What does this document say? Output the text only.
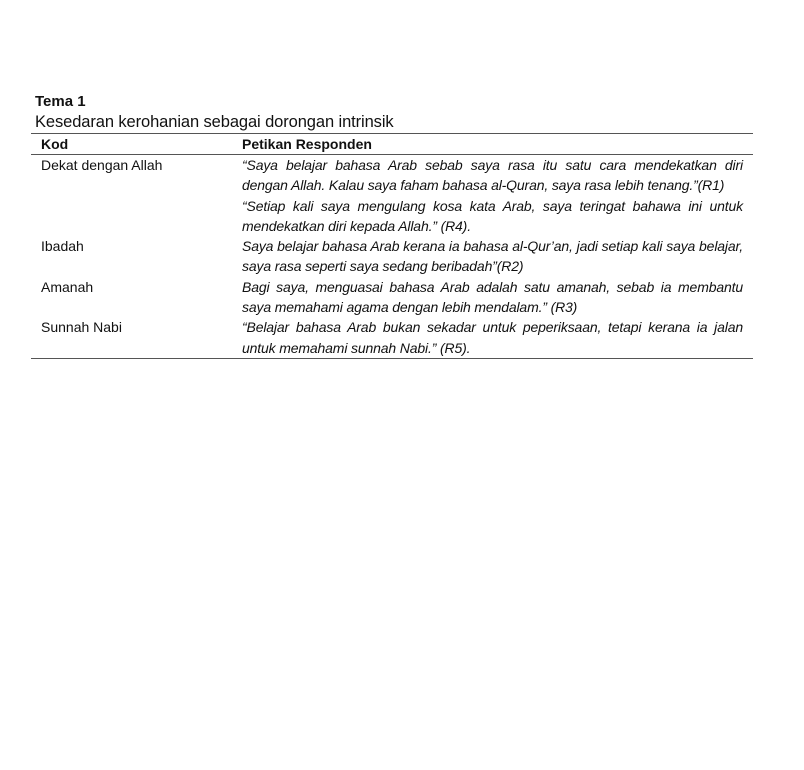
Tema 1
Kesedaran kerohanian sebagai dorongan intrinsik
Kod	Petikan Responden
Dekat dengan Allah	“Saya belajar bahasa Arab sebab saya rasa itu satu cara mendekatkan diri dengan Allah. Kalau saya faham bahasa al-Quran, saya rasa lebih tenang.”(R1)

“Setiap kali saya mengulang kosa kata Arab, saya teringat bahawa ini untuk mendekatkan diri kepada Allah.” (R4).

Ibadah	Saya belajar bahasa Arab kerana ia bahasa al-Qur’an, jadi setiap kali saya belajar, saya rasa seperti saya sedang beribadah”(R2)

Amanah	Bagi saya, menguasai bahasa Arab adalah satu amanah, sebab ia membantu saya memahami agama dengan lebih mendalam.” (R3)

Sunnah Nabi	“Belajar bahasa Arab bukan sekadar untuk peperiksaan, tetapi kerana ia jalan untuk memahami sunnah Nabi.” (R5).
